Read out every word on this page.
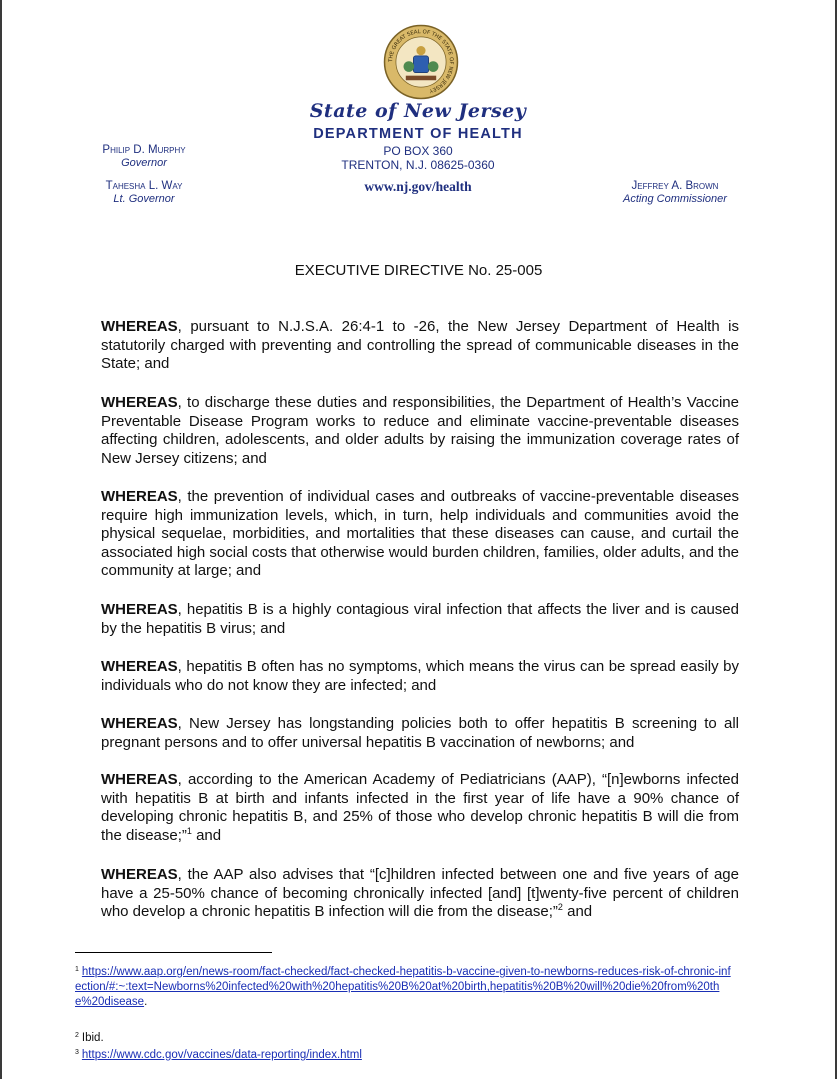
THE GREAT SEAL OF THE STATE OF NEW JERSEY
State of New Jersey
DEPARTMENT OF HEALTH
PO BOX 360
TRENTON, N.J. 08625-0360
www.nj.gov/health
Philip D. Murphy
Governor
Tahesha L. Way
Lt. Governor
Jeffrey A. Brown
Acting Commissioner
EXECUTIVE DIRECTIVE No. 25-005

WHEREAS, pursuant to N.J.S.A. 26:4-1 to -26, the New Jersey Department of Health is statutorily charged with preventing and controlling the spread of communicable diseases in the State; and

WHEREAS, to discharge these duties and responsibilities, the Department of Health’s Vaccine Preventable Disease Program works to reduce and eliminate vaccine-preventable diseases affecting children, adolescents, and older adults by raising the immunization coverage rates of New Jersey citizens; and

WHEREAS, the prevention of individual cases and outbreaks of vaccine-preventable diseases require high immunization levels, which, in turn, help individuals and communities avoid the physical sequelae, morbidities, and mortalities that these diseases can cause, and curtail the associated high social costs that otherwise would burden children, families, older adults, and the community at large; and

WHEREAS, hepatitis B is a highly contagious viral infection that affects the liver and is caused by the hepatitis B virus; and

WHEREAS, hepatitis B often has no symptoms, which means the virus can be spread easily by individuals who do not know they are infected; and

WHEREAS, New Jersey has longstanding policies both to offer hepatitis B screening to all pregnant persons and to offer universal hepatitis B vaccination of newborns; and

WHEREAS, according to the American Academy of Pediatricians (AAP), “[n]ewborns infected with hepatitis B at birth and infants infected in the first year of life have a 90% chance of developing chronic hepatitis B, and 25% of those who develop chronic hepatitis B will die from the disease;”$^1$ and

WHEREAS, the AAP also advises that “[c]hildren infected between one and five years of age have a 25-50% chance of becoming chronically infected [and] [t]wenty-five percent of children who develop a chronic hepatitis B infection will die from the disease;”$^2$ and

$^1$ https://www.aap.org/en/news-room/fact-checked/fact-checked-hepatitis-b-vaccine-given-to-newborns-reduces-risk-of-chronic-infection/#:~:text=Newborns%20infected%20with%20hepatitis%20B%20at%20birth,hepatitis%20B%20will%20die%20from%20the%20disease.
$^2$ Ibid.
$^3$ https://www.cdc.gov/vaccines/data-reporting/index.html
